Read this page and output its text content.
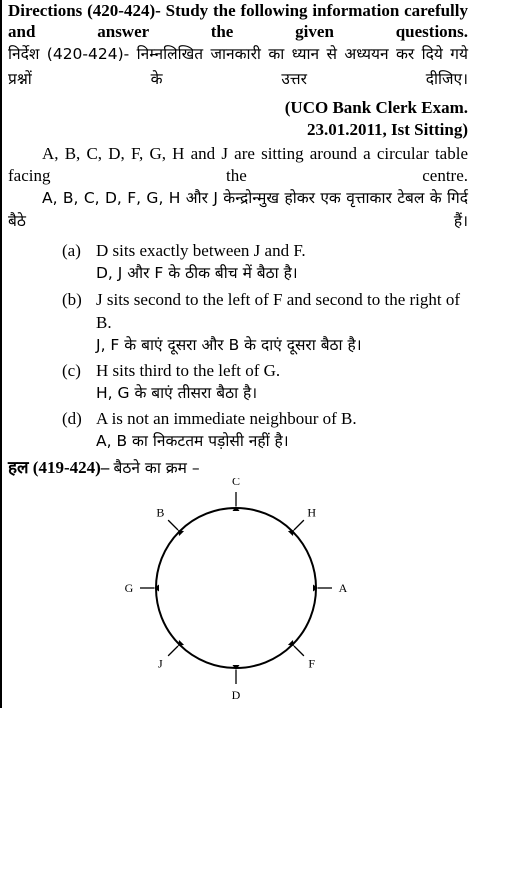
Directions (420-424)- Study the following information carefully and answer the given questions.

निर्देश (420-424)- निम्नलिखित जानकारी का ध्यान से अध्ययन कर दिये गये प्रश्नों के उत्तर दीजिए।

(UCO Bank Clerk Exam.

23.01.2011, Ist Sitting)

A, B, C, D, F, G, H and J are sitting around a circular table facing the centre.

A, B, C, D, F, G, H और J केन्द्रोन्मुख होकर एक वृत्ताकार टेबल के गिर्द बैठे हैं।

(a) D sits exactly between J and F.
D, J और F के ठीक बीच में बैठा है।
(b) J sits second to the left of F and second to the right of B.
J, F के बाएं दूसरा और B के दाएं दूसरा बैठा है।
(c) H sits third to the left of G.
H, G के बाएं तीसरा बैठा है।
(d) A is not an immediate neighbour of B.
A, B का निकटतम पड़ोसी नहीं है।
हल (419-424)– बैठने का क्रम –
C
H
A
F
D
J
G
B
